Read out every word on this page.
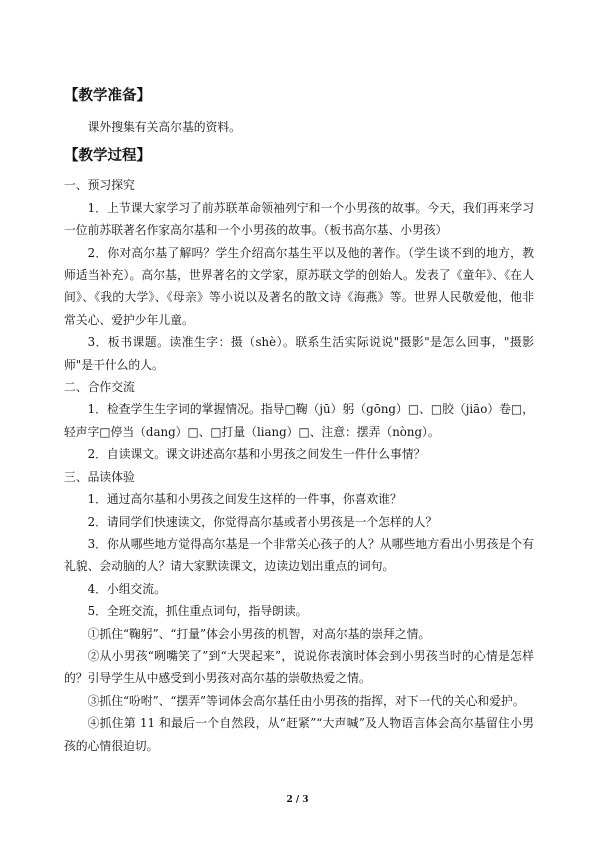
【教学准备】

课外搜集有关高尔基的资料。

【教学过程】

一、预习探究

1．上节课大家学习了前苏联革命领袖列宁和一个小男孩的故事。今天，我们再来学习一位前苏联著名作家高尔基和一个小男孩的故事。（板书高尔基、小男孩）

2．你对高尔基了解吗？学生介绍高尔基生平以及他的著作。（学生谈不到的地方，教师适当补充）。高尔基，世界著名的文学家，原苏联文学的创始人。发表了《童年》、《在人间》、《我的大学》、《母亲》等小说以及著名的散文诗《海燕》等。世界人民敬爱他，他非常关心、爱护少年儿童。

3．板书课题。读准生字：摄（shè）。联系生活实际说说"摄影"是怎么回事，"摄影师"是干什么的人。

二、合作交流

1．检查学生生字词的掌握情况。指导□鞠（jū）躬（gōng）□、□胶（jiāo）卷□，轻声字□停当（dang）□、□打量（liang）□、注意：摆弄（nòng）。

2．自读课文。课文讲述高尔基和小男孩之间发生一件什么事情？

三、品读体验

1．通过高尔基和小男孩之间发生这样的一件事，你喜欢谁？

2．请同学们快速读文，你觉得高尔基或者小男孩是一个怎样的人？

3．你从哪些地方觉得高尔基是一个非常关心孩子的人？从哪些地方看出小男孩是个有礼貌、会动脑的人？请大家默读课文，边读边划出重点的词句。

4．小组交流。

5．全班交流，抓住重点词句，指导朗读。

①抓住“鞠躬”、“打量”体会小男孩的机智，对高尔基的崇拜之情。

②从小男孩“咧嘴笑了”到“大哭起来”，说说你表演时体会到小男孩当时的心情是怎样的？引导学生从中感受到小男孩对高尔基的崇敬热爱之情。

③抓住“吩咐”、“摆弄”等词体会高尔基任由小男孩的指挥，对下一代的关心和爱护。

④抓住第 11 和最后一个自然段，从“赶紧”“大声喊”及人物语言体会高尔基留住小男孩的心情很迫切。

2 / 3
